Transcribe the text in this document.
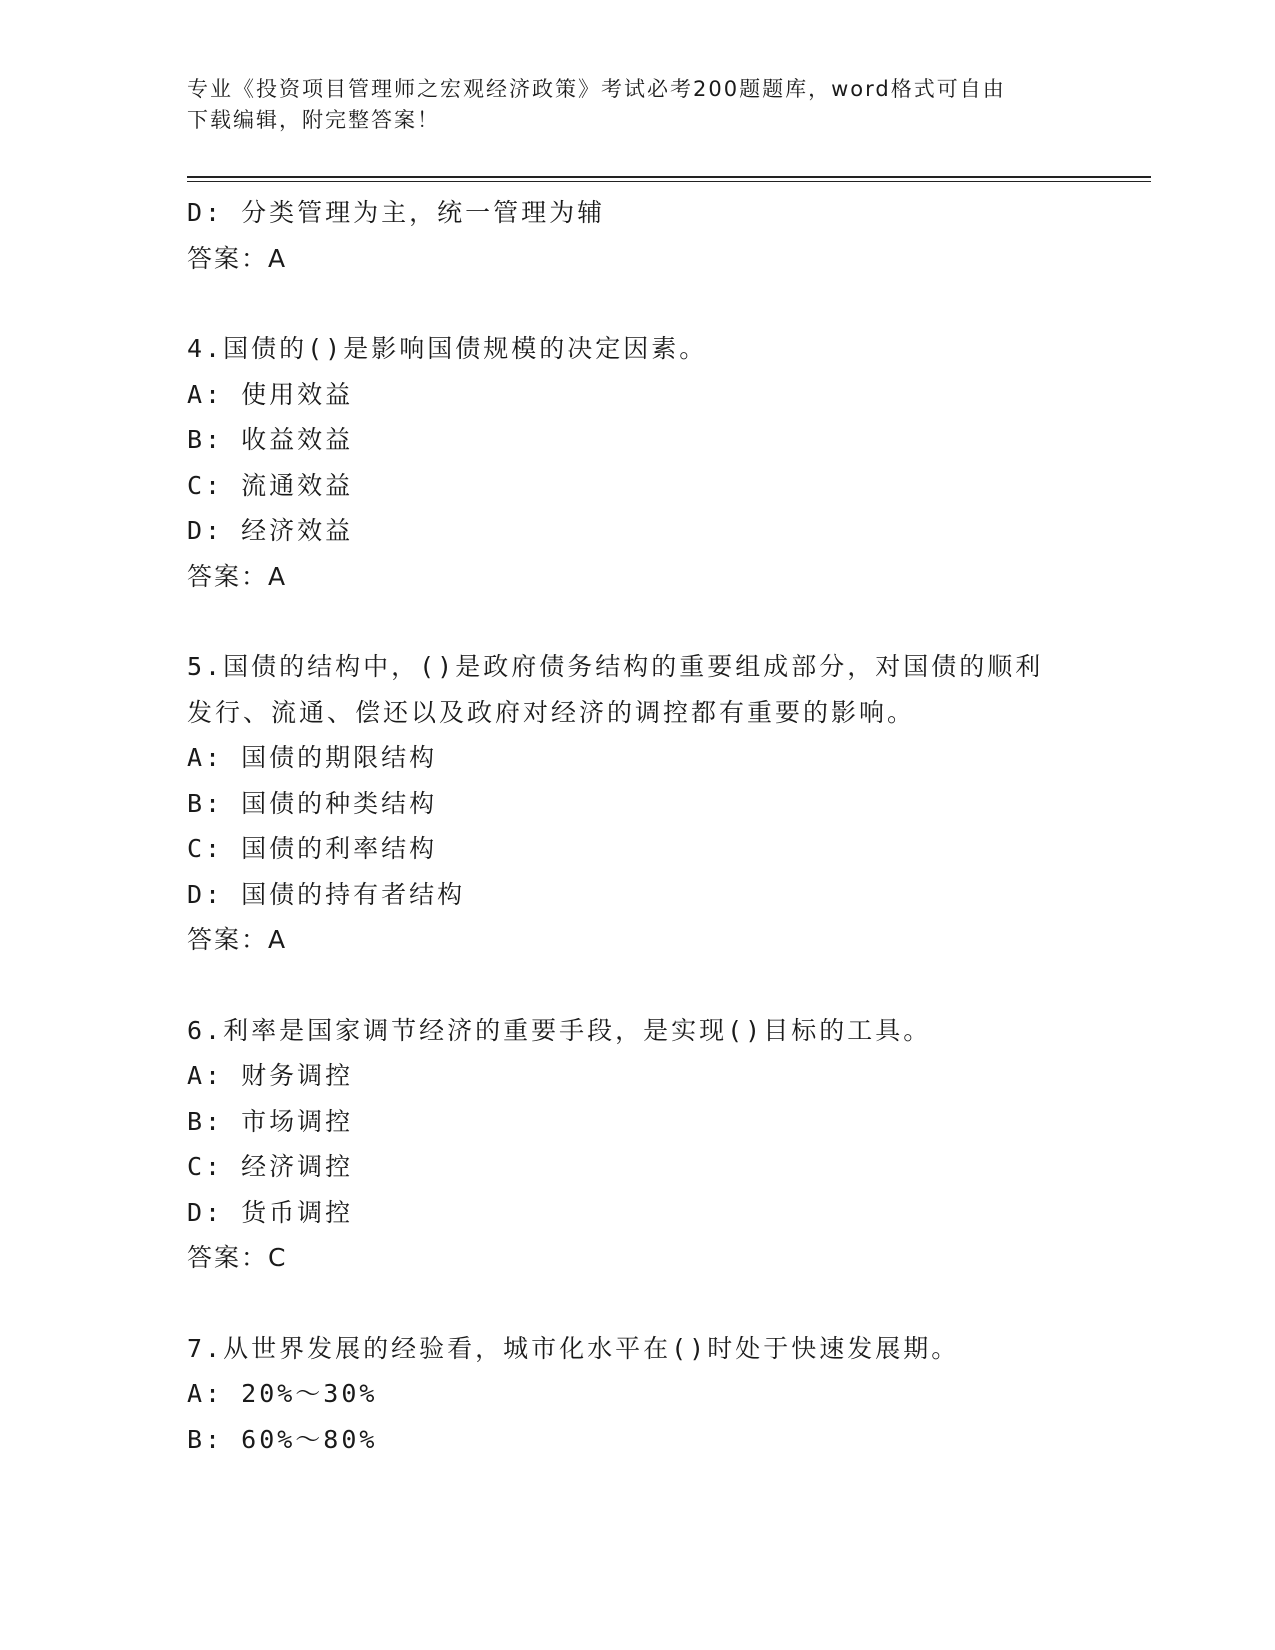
专业《投资项目管理师之宏观经济政策》考试必考200题题库，word格式可自由
下载编辑，附完整答案！
D: 分类管理为主，统一管理为辅
答案：A
4.国债的()是影响国债规模的决定因素。
A: 使用效益
B: 收益效益
C: 流通效益
D: 经济效益
答案：A
5.国债的结构中，()是政府债务结构的重要组成部分，对国债的顺利
发行、流通、偿还以及政府对经济的调控都有重要的影响。
A: 国债的期限结构
B: 国债的种类结构
C: 国债的利率结构
D: 国债的持有者结构
答案：A
6.利率是国家调节经济的重要手段，是实现()目标的工具。
A: 财务调控
B: 市场调控
C: 经济调控
D: 货币调控
答案：C
7.从世界发展的经验看，城市化水平在()时处于快速发展期。
A: 20%～30%
B: 60%～80%
